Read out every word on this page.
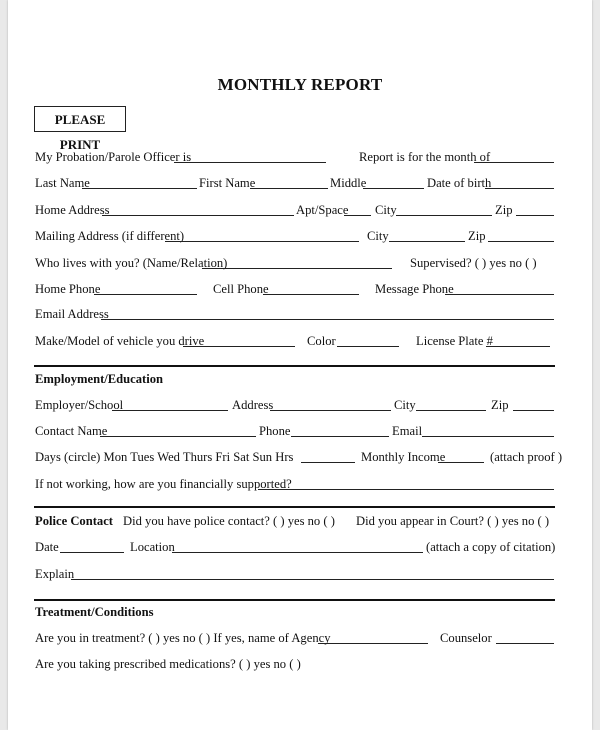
MONTHLY REPORT
PLEASE PRINT
My Probation/Parole Officer is	Report is for the month of
Last Name	First Name	Middle	Date of birth
Home Address	Apt/Space City	Zip
Mailing Address (if different)	City	Zip
Who lives with you? (Name/Relation)	Supervised? ( ) yes no ( )
Home Phone	Cell Phone	Message Phone
Email Address
Make/Model of vehicle you drive	Color	License Plate #
Employment/Education
Employer/School	Address	City	Zip
Contact Name	Phone	Email
Days (circle) Mon Tues Wed Thurs Fri Sat Sun Hrs	Monthly Income	(attach proof )
If not working, how are you financially supported?
Police Contact Did you have police contact? ( ) yes no ( ) Did you appear in Court? ( ) yes no ( )
Date	Location	(attach a copy of citation)
Explain
Treatment/Conditions
Are you in treatment? ( ) yes no ( ) If yes, name of Agency	Counselor
Are you taking prescribed medications? ( ) yes no ( )
